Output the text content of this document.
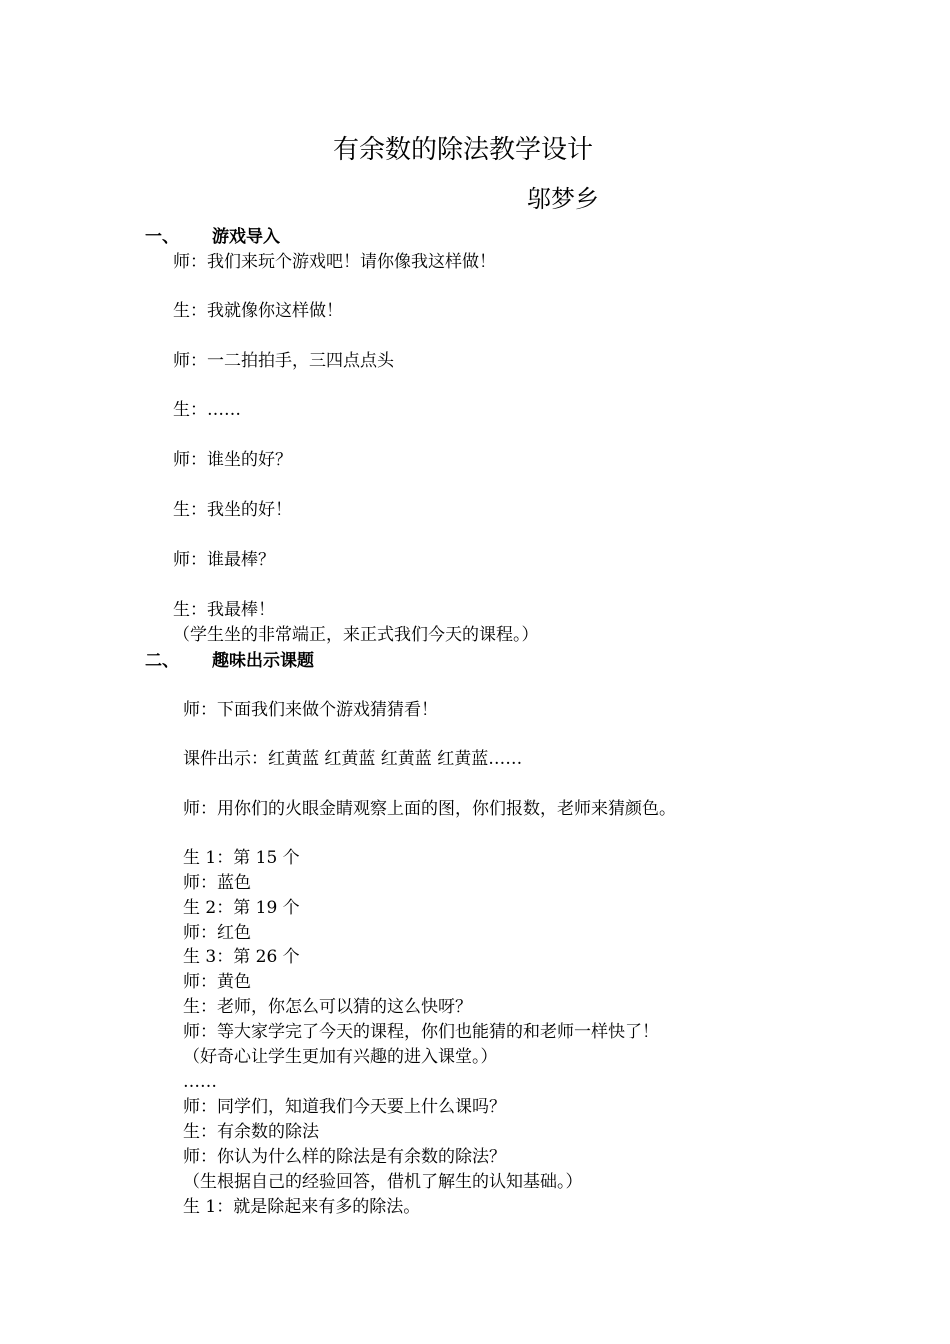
有余数的除法教学设计
邬梦乡
一、 游戏导入
师：我们来玩个游戏吧！请你像我这样做！
生：我就像你这样做！
师：一二拍拍手，三四点点头
生：……
师：谁坐的好？
生：我坐的好！
师：谁最棒？
生：我最棒！
（学生坐的非常端正，来正式我们今天的课程。）
二、 趣味出示课题
师：下面我们来做个游戏猜猜看！
课件出示：红黄蓝 红黄蓝 红黄蓝 红黄蓝……
师：用你们的火眼金睛观察上面的图，你们报数，老师来猜颜色。
生 1：第 15 个
师：蓝色
生 2：第 19 个
师：红色
生 3：第 26 个
师：黄色
生：老师，你怎么可以猜的这么快呀？
师：等大家学完了今天的课程，你们也能猜的和老师一样快了！
（好奇心让学生更加有兴趣的进入课堂。）
……
师：同学们，知道我们今天要上什么课吗？
生：有余数的除法
师：你认为什么样的除法是有余数的除法？
（生根据自己的经验回答，借机了解生的认知基础。）
生 1：就是除起来有多的除法。
